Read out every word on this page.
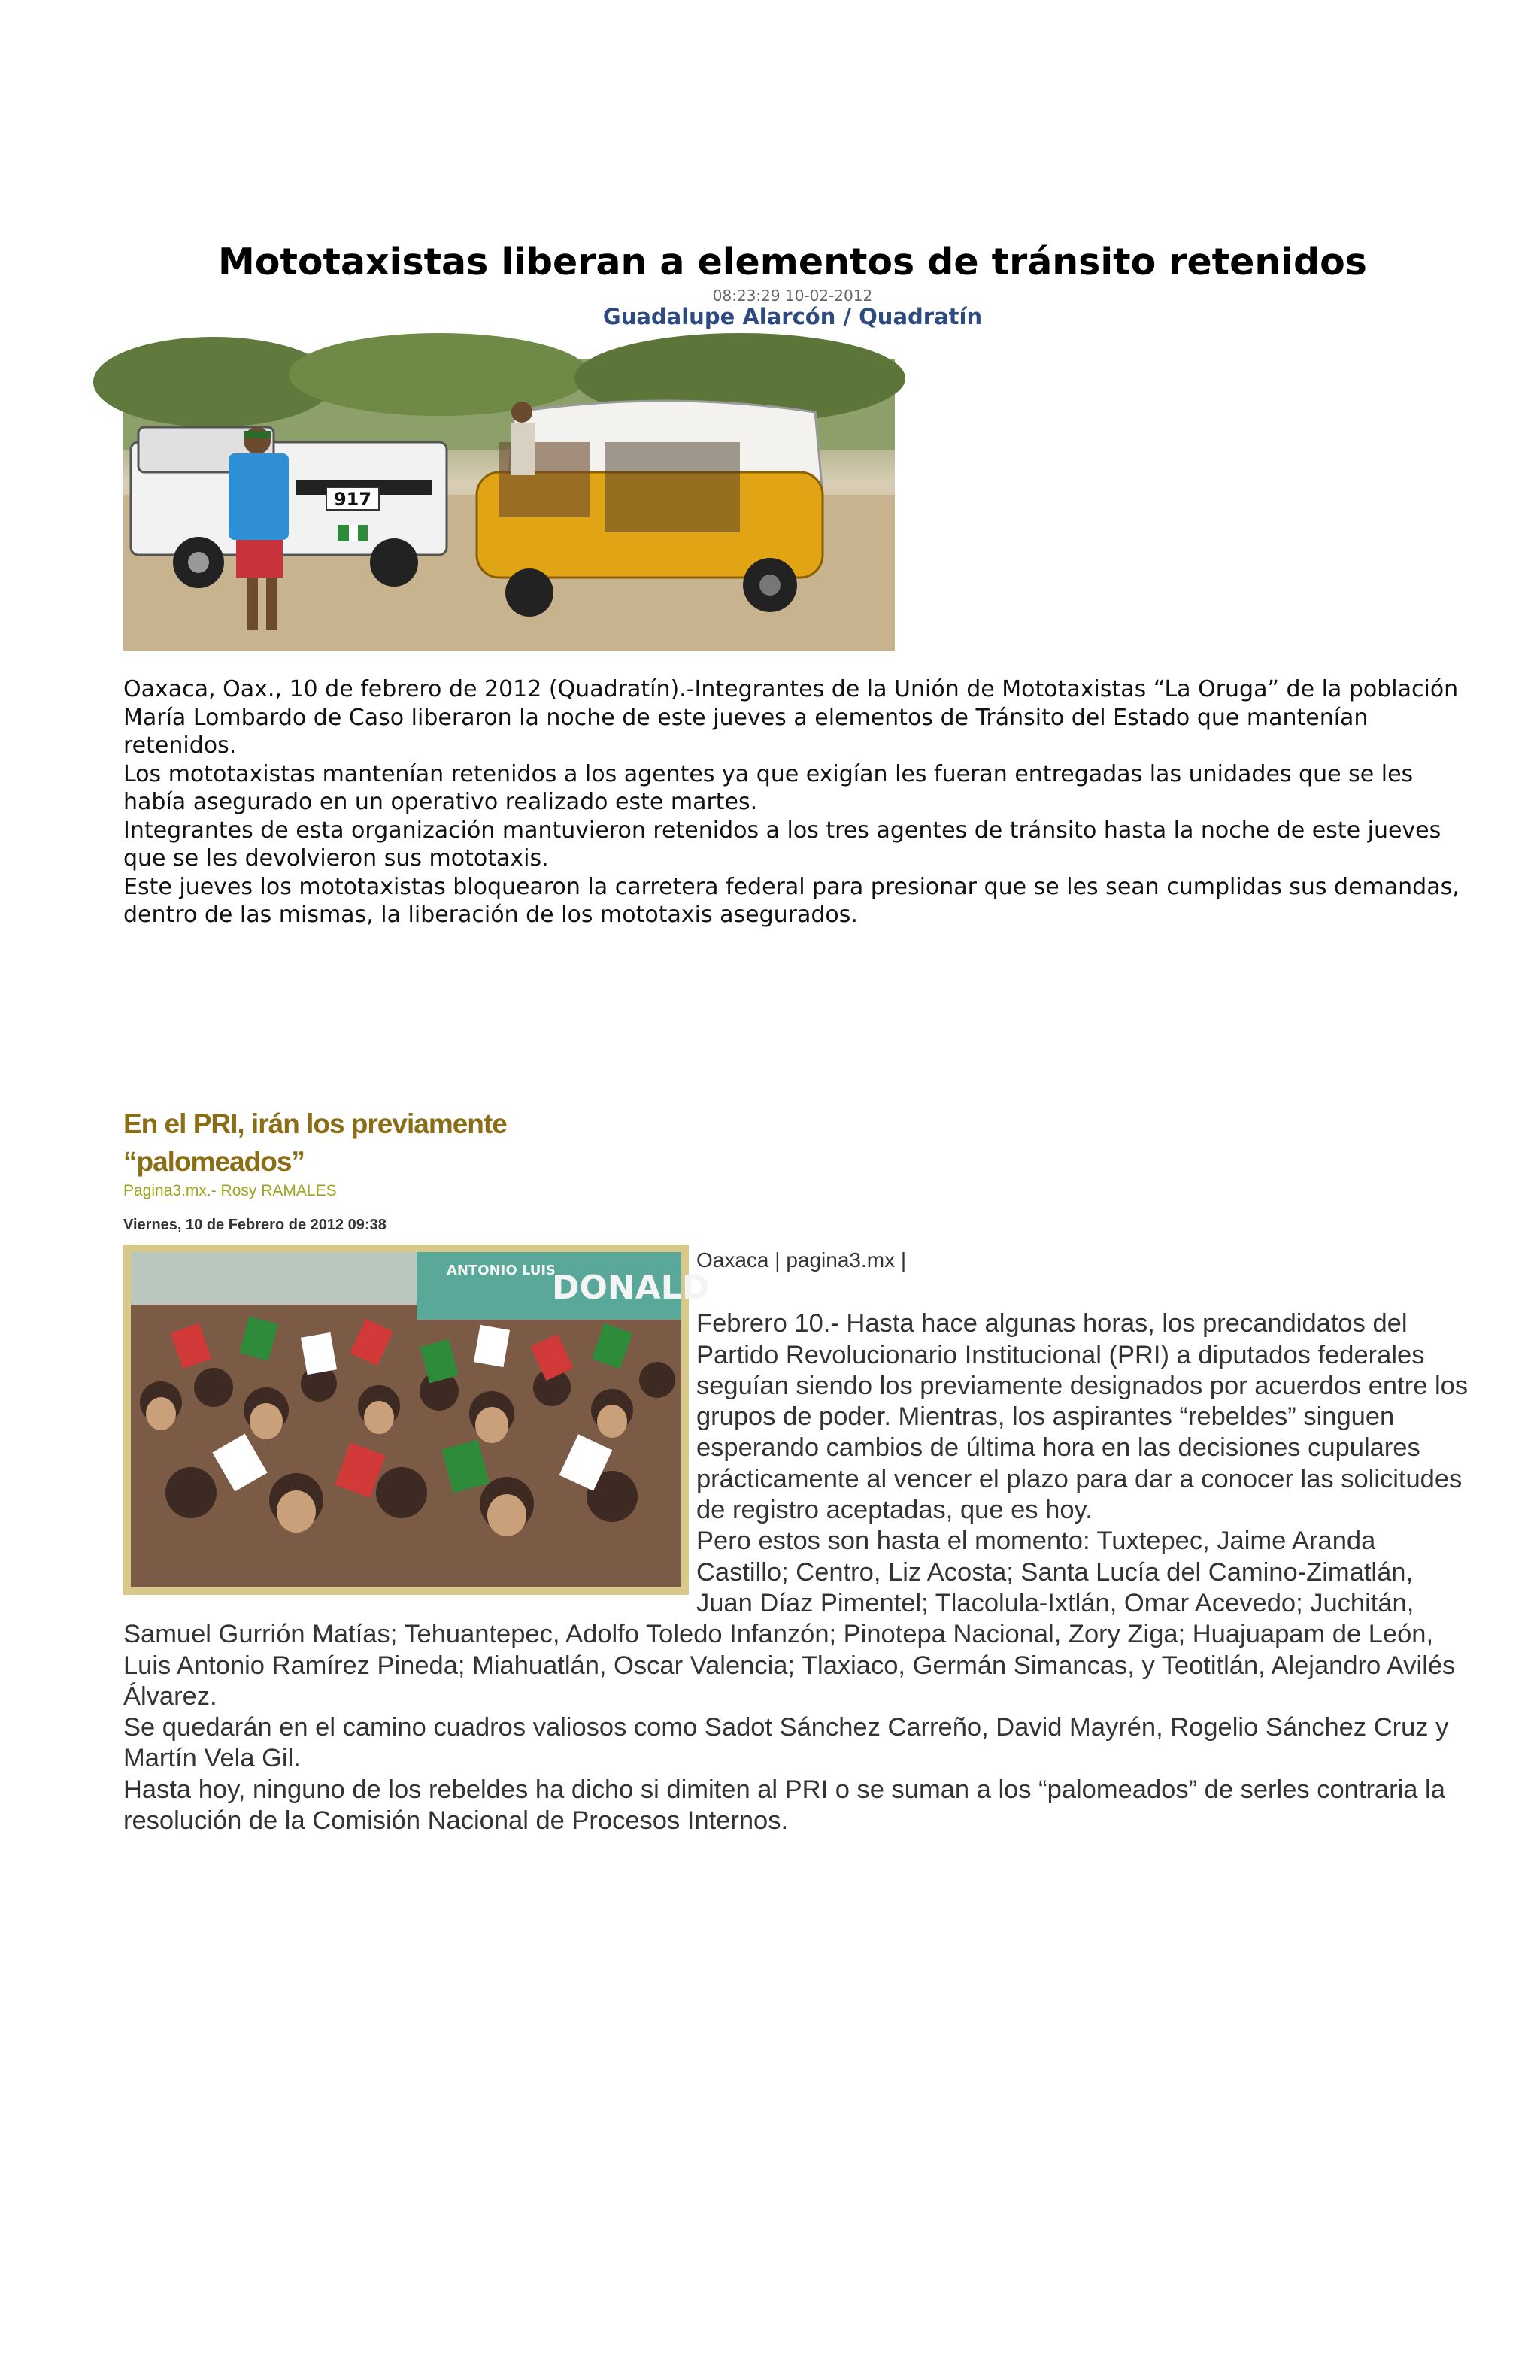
Mototaxistas liberan a elementos de tránsito retenidos
08:23:29 10-02-2012
Guadalupe Alarcón / Quadratín
917

Oaxaca, Oax., 10 de febrero de 2012 (Quadratín).-Integrantes de la Unión de Mototaxistas “La Oruga” de la población María Lombardo de Caso liberaron la noche de este jueves a elementos de Tránsito del Estado que mantenían retenidos.

Los mototaxistas mantenían retenidos a los agentes ya que exigían les fueran entregadas las unidades que se les había asegurado en un operativo realizado este martes.

Integrantes de esta organización mantuvieron retenidos a los tres agentes de tránsito hasta la noche de este jueves que se les devolvieron sus mototaxis.

Este jueves los mototaxistas bloquearon la carretera federal para presionar que se les sean cumplidas sus demandas, dentro de las mismas, la liberación de los mototaxis asegurados.

En el PRI, irán los previamente “palomeados”
Pagina3.mx.- Rosy RAMALES
Viernes, 10 de Febrero de 2012 09:38
ANTONIO LUIS
DONALD

Oaxaca | pagina3.mx |

Febrero 10.- Hasta hace algunas horas, los precandidatos del Partido Revolucionario Institucional (PRI) a diputados federales seguían siendo los previamente designados por acuerdos entre los grupos de poder. Mientras, los aspirantes “rebeldes” singuen esperando cambios de última hora en las decisiones cupulares prácticamente al vencer el plazo para dar a conocer las solicitudes de registro aceptadas, que es hoy.

Pero estos son hasta el momento: Tuxtepec, Jaime Aranda Castillo; Centro, Liz Acosta; Santa Lucía del Camino-Zimatlán, Juan Díaz Pimentel; Tlacolula-Ixtlán, Omar Acevedo; Juchitán, Samuel Gurrión Matías; Tehuantepec, Adolfo Toledo Infanzón; Pinotepa Nacional, Zory Ziga; Huajuapam de León, Luis Antonio Ramírez Pineda; Miahuatlán, Oscar Valencia; Tlaxiaco, Germán Simancas, y Teotitlán, Alejandro Avilés Álvarez.

Se quedarán en el camino cuadros valiosos como Sadot Sánchez Carreño, David Mayrén, Rogelio Sánchez Cruz y Martín Vela Gil.

Hasta hoy, ninguno de los rebeldes ha dicho si dimiten al PRI o se suman a los “palomeados” de serles contraria la resolución de la Comisión Nacional de Procesos Internos.
